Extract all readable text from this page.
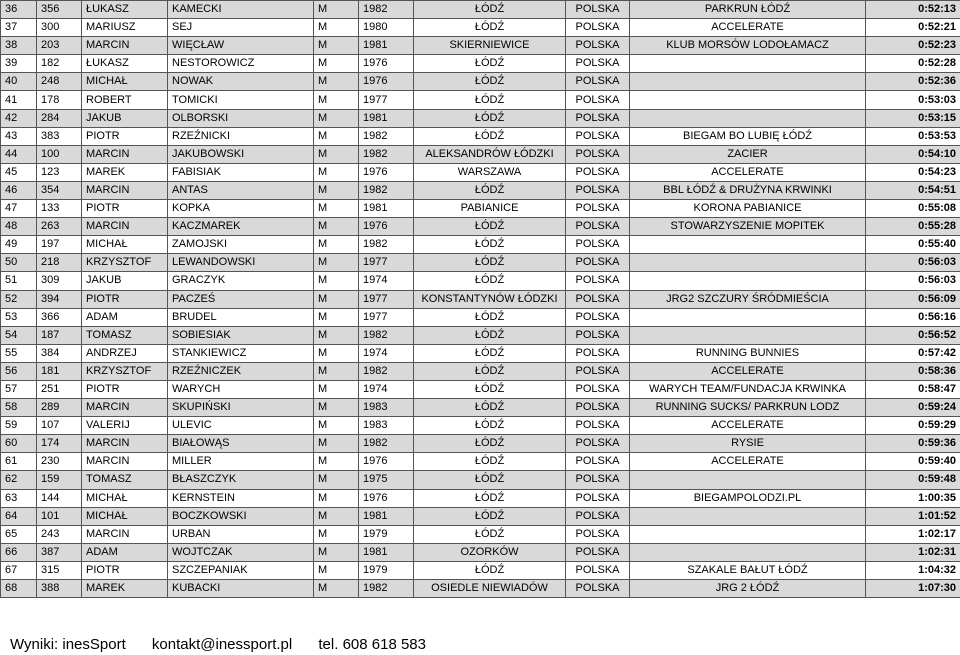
36	356	ŁUKASZ	KAMECKI	M	1982	ŁÓDŹ	POLSKA	PARKRUN ŁÓDŹ	0:52:13
37	300	MARIUSZ	SEJ	M	1980	ŁÓDŹ	POLSKA	ACCELERATE	0:52:21
38	203	MARCIN	WIĘCŁAW	M	1981	SKIERNIEWICE	POLSKA	KLUB MORSÓW LODOŁAMACZ	0:52:23
39	182	ŁUKASZ	NESTOROWICZ	M	1976	ŁÓDŹ	POLSKA		0:52:28
40	248	MICHAŁ	NOWAK	M	1976	ŁÓDŹ	POLSKA		0:52:36
41	178	ROBERT	TOMICKI	M	1977	ŁÓDŹ	POLSKA		0:53:03
42	284	JAKUB	OLBORSKI	M	1981	ŁÓDŹ	POLSKA		0:53:15
43	383	PIOTR	RZEŹNICKI	M	1982	ŁÓDŹ	POLSKA	BIEGAM BO LUBIĘ ŁÓDŹ	0:53:53
44	100	MARCIN	JAKUBOWSKI	M	1982	ALEKSANDRÓW ŁÓDZKI	POLSKA	ZACIER	0:54:10
45	123	MAREK	FABISIAK	M	1976	WARSZAWA	POLSKA	ACCELERATE	0:54:23
46	354	MARCIN	ANTAS	M	1982	ŁÓDŹ	POLSKA	BBL ŁÓDŹ & DRUŻYNA KRWINKI	0:54:51
47	133	PIOTR	KOPKA	M	1981	PABIANICE	POLSKA	KORONA PABIANICE	0:55:08
48	263	MARCIN	KACZMAREK	M	1976	ŁÓDŹ	POLSKA	STOWARZYSZENIE MOPITEK	0:55:28
49	197	MICHAŁ	ZAMOJSKI	M	1982	ŁÓDŹ	POLSKA		0:55:40
50	218	KRZYSZTOF	LEWANDOWSKI	M	1977	ŁÓDŹ	POLSKA		0:56:03
51	309	JAKUB	GRACZYK	M	1974	ŁÓDŹ	POLSKA		0:56:03
52	394	PIOTR	PACZEŚ	M	1977	KONSTANTYNÓW ŁÓDZKI	POLSKA	JRG2 SZCZURY ŚRÓDMIEŚCIA	0:56:09
53	366	ADAM	BRUDEL	M	1977	ŁÓDŹ	POLSKA		0:56:16
54	187	TOMASZ	SOBIESIAK	M	1982	ŁÓDŹ	POLSKA		0:56:52
55	384	ANDRZEJ	STANKIEWICZ	M	1974	ŁÓDŹ	POLSKA	RUNNING BUNNIES	0:57:42
56	181	KRZYSZTOF	RZEŹNICZEK	M	1982	ŁÓDŹ	POLSKA	ACCELERATE	0:58:36
57	251	PIOTR	WARYCH	M	1974	ŁÓDŹ	POLSKA	WARYCH TEAM/FUNDACJA KRWINKA	0:58:47
58	289	MARCIN	SKUPIŃSKI	M	1983	ŁÓDŹ	POLSKA	RUNNING SUCKS/ PARKRUN LODZ	0:59:24
59	107	VALERIJ	ULEVIC	M	1983	ŁÓDŹ	POLSKA	ACCELERATE	0:59:29
60	174	MARCIN	BIAŁOWĄS	M	1982	ŁÓDŹ	POLSKA	RYSIE	0:59:36
61	230	MARCIN	MILLER	M	1976	ŁÓDŹ	POLSKA	ACCELERATE	0:59:40
62	159	TOMASZ	BŁASZCZYK	M	1975	ŁÓDŹ	POLSKA		0:59:48
63	144	MICHAŁ	KERNSTEIN	M	1976	ŁÓDŹ	POLSKA	BIEGAMPOLODZI.PL	1:00:35
64	101	MICHAŁ	BOCZKOWSKI	M	1981	ŁÓDŹ	POLSKA		1:01:52
65	243	MARCIN	URBAN	M	1979	ŁÓDŹ	POLSKA		1:02:17
66	387	ADAM	WOJTCZAK	M	1981	OZORKÓW	POLSKA		1:02:31
67	315	PIOTR	SZCZEPANIAK	M	1979	ŁÓDŹ	POLSKA	SZAKALE BAŁUT ŁÓDŹ	1:04:32
68	388	MAREK	KUBACKI	M	1982	OSIEDLE NIEWIADÓW	POLSKA	JRG 2 ŁÓDŹ	1:07:30
Wyniki: inesSport kontakt@inessport.pl tel. 608 618 583
